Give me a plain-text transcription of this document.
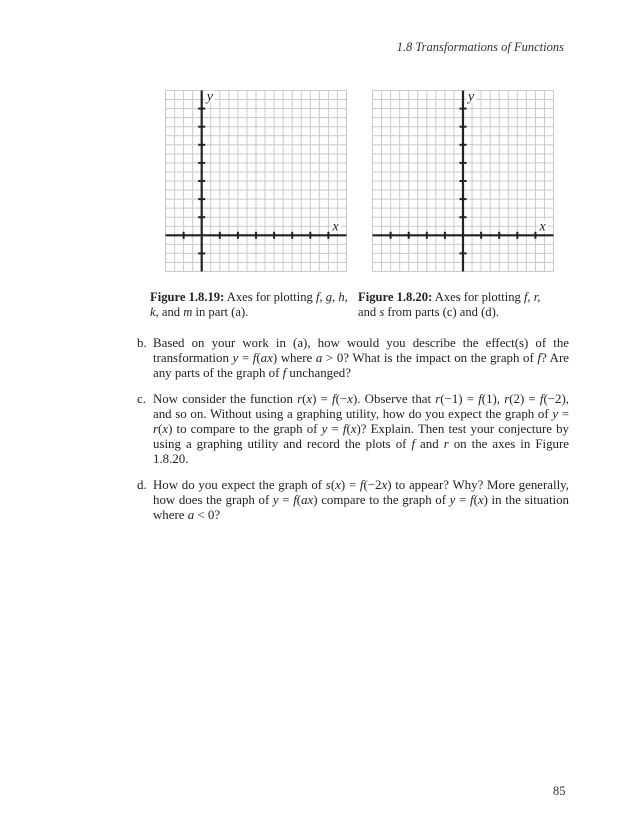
1.8 Transformations of Functions
y
x
y
x
Figure 1.8.19: Axes for plotting f, g, h,
k, and m in part (a).
Figure 1.8.20: Axes for plotting f, r,
and s from parts (c) and (d).
b. Based on your work in (a), how would you describe the effect(s) of the transformation y = f(ax) where a > 0? What is the impact on the graph of f? Are any parts of the graph of f unchanged?
c. Now consider the function r(x) = f(−x). Observe that r(−1) = f(1), r(2) = f(−2), and so on. Without using a graphing utility, how do you expect the graph of y = r(x) to compare to the graph of y = f(x)? Explain. Then test your conjecture by using a graphing utility and record the plots of f and r on the axes in Figure 1.8.20.
d. How do you expect the graph of s(x) = f(−2x) to appear? Why? More generally, how does the graph of y = f(ax) compare to the graph of y = f(x) in the situation where a < 0?
85
